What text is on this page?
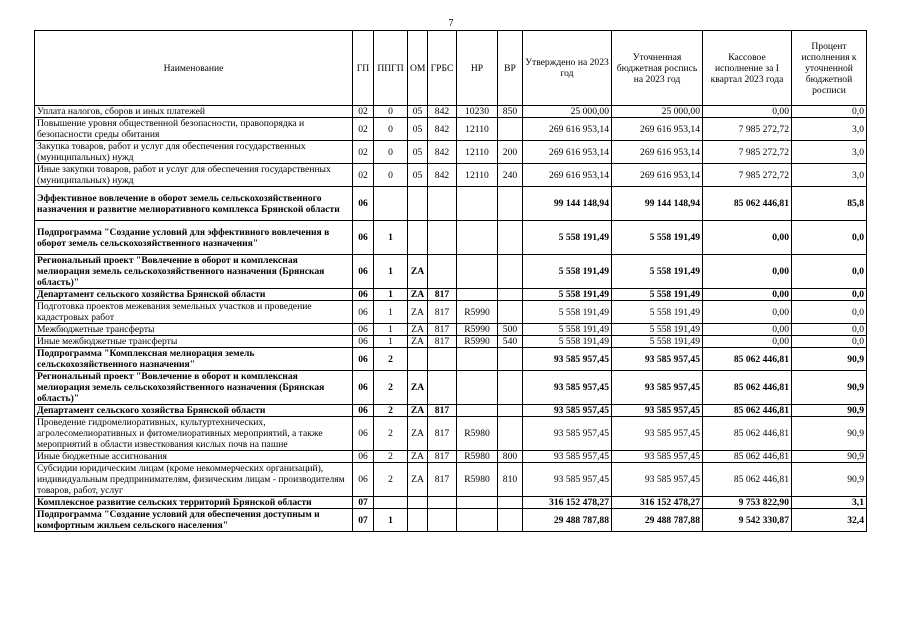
7
Наименование	ГП	ППГП	ОМ	ГРБС	НР	ВР	Утверждено на 2023 год	Уточненная бюджетная роспись на 2023 год	Кассовое исполнение за I квартал 2023 года	Процент исполнения к уточненной бюджетной росписи
Уплата налогов, сборов и иных платежей	02	0	05	842	10230	850	25 000,00	25 000,00	0,00	0,0
Повышение уровня общественной безопасности, правопорядка и безопасности среды обитания	02	0	05	842	12110		269 616 953,14	269 616 953,14	7 985 272,72	3,0
Закупка товаров, работ и услуг для обеспечения государственных (муниципальных) нужд	02	0	05	842	12110	200	269 616 953,14	269 616 953,14	7 985 272,72	3,0
Иные закупки товаров, работ и услуг для обеспечения государственных (муниципальных) нужд	02	0	05	842	12110	240	269 616 953,14	269 616 953,14	7 985 272,72	3,0
Эффективное вовлечение в оборот земель сельскохозяйственного назначения и развитие мелиоративного комплекса Брянской области	06						99 144 148,94	99 144 148,94	85 062 446,81	85,8
Подпрограмма "Создание условий для эффективного вовлечения в оборот земель сельскохозяйственного назначения"	06	1					5 558 191,49	5 558 191,49	0,00	0,0
Региональный проект "Вовлечение в оборот и комплексная мелиорация земель сельскохозяйственного назначения (Брянская область)"	06	1	ZA				5 558 191,49	5 558 191,49	0,00	0,0
Департамент сельского хозяйства Брянской области	06	1	ZA	817			5 558 191,49	5 558 191,49	0,00	0,0
Подготовка проектов межевания земельных участков и проведение кадастровых работ	06	1	ZA	817	R5990		5 558 191,49	5 558 191,49	0,00	0,0
Межбюджетные трансферты	06	1	ZA	817	R5990	500	5 558 191,49	5 558 191,49	0,00	0,0
Иные межбюджетные трансферты	06	1	ZA	817	R5990	540	5 558 191,49	5 558 191,49	0,00	0,0
Подпрограмма "Комплексная мелиорация земель сельскохозяйственного назначения"	06	2					93 585 957,45	93 585 957,45	85 062 446,81	90,9
Региональный проект "Вовлечение в оборот и комплексная мелиорация земель сельскохозяйственного назначения (Брянская область)"	06	2	ZA				93 585 957,45	93 585 957,45	85 062 446,81	90,9
Департамент сельского хозяйства Брянской области	06	2	ZA	817			93 585 957,45	93 585 957,45	85 062 446,81	90,9
Проведение гидромелиоративных, культуртехнических, агролесомелиоративных и фитомелиоративных мероприятий, а также мероприятий в области известкования кислых почв на пашне	06	2	ZA	817	R5980		93 585 957,45	93 585 957,45	85 062 446,81	90,9
Иные бюджетные ассигнования	06	2	ZA	817	R5980	800	93 585 957,45	93 585 957,45	85 062 446,81	90,9
Субсидии юридическим лицам (кроме некоммерческих организаций), индивидуальным предпринимателям, физическим лицам - производителям товаров, работ, услуг	06	2	ZA	817	R5980	810	93 585 957,45	93 585 957,45	85 062 446,81	90,9
Комплексное развитие сельских территорий Брянской области	07						316 152 478,27	316 152 478,27	9 753 822,90	3,1
Подпрограмма "Создание условий для обеспечения доступным и комфортным жильем сельского населения"	07	1					29 488 787,88	29 488 787,88	9 542 330,87	32,4
